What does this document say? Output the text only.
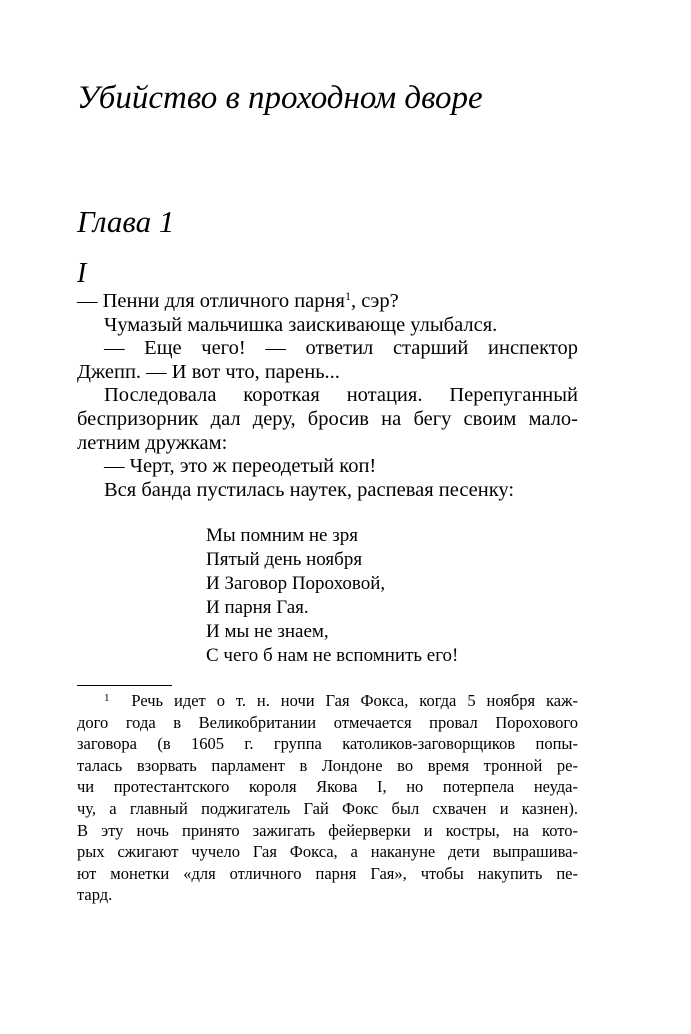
Убийство в проходном дворе
Глава 1
I

— Пенни для отличного парня$^1$, сэр?

Чумазый мальчишка заискивающе улыбался.

— Еще чего! — ответил старший инспектор
Джепп. — И вот что, парень...

Последовала короткая нотация. Перепуганный
беспризорник дал деру, бросив на бегу своим мало-
летним дружкам:

— Черт, это ж переодетый коп!

Вся банда пустилась наутек, распевая песенку:

Мы помним не зря
Пятый день ноября
И Заговор Пороховой,
И парня Гая.
И мы не знаем,
С чего б нам не вспомнить его!

$^1$ Речь идет о т. н. ночи Гая Фокса, когда 5 ноября каж-

дого года в Великобритании отмечается провал Порохового

заговора (в 1605 г. группа католиков-заговорщиков попы-

талась взорвать парламент в Лондоне во время тронной ре-

чи протестантского короля Якова I, но потерпела неуда-

чу, а главный поджигатель Гай Фокс был схвачен и казнен).

В эту ночь принято зажигать фейерверки и костры, на кото-

рых сжигают чучело Гая Фокса, а накануне дети выпрашива-

ют монетки «для отличного парня Гая», чтобы накупить пе-

тард.
